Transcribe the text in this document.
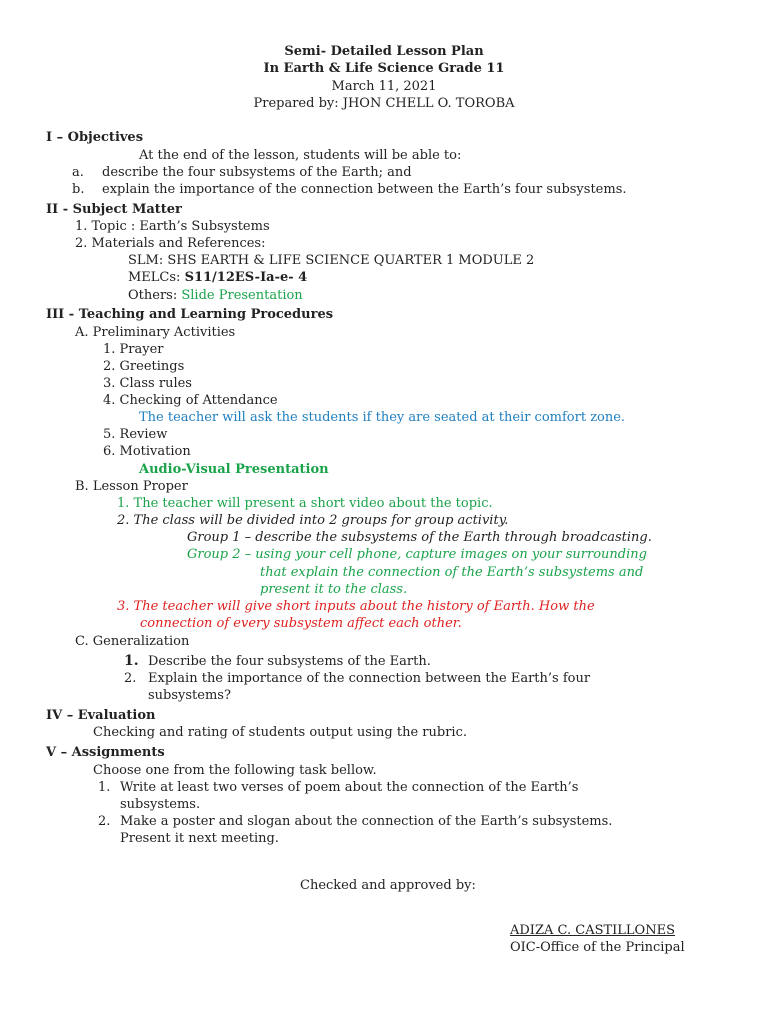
Semi- Detailed Lesson Plan
In Earth & Life Science Grade 11
March 11, 2021
Prepared by: JHON CHELL O. TOROBA
I – Objectives
At the end of the lesson, students will be able to:
a. describe the four subsystems of the Earth; and
b. explain the importance of the connection between the Earth’s four subsystems.
II - Subject Matter
1. Topic : Earth’s Subsystems
2. Materials and References:
SLM: SHS EARTH & LIFE SCIENCE QUARTER 1 MODULE 2
MELCs: S11/12ES-Ia-e- 4
Others: Slide Presentation
III - Teaching and Learning Procedures
A. Preliminary Activities
1. Prayer
2. Greetings
3. Class rules
4. Checking of Attendance
The teacher will ask the students if they are seated at their comfort zone.
5. Review
6. Motivation
Audio-Visual Presentation
B. Lesson Proper
1. The teacher will present a short video about the topic.
2. The class will be divided into 2 groups for group activity.
Group 1 – describe the subsystems of the Earth through broadcasting.
Group 2 – using your cell phone, capture images on your surrounding
that explain the connection of the Earth’s subsystems and
present it to the class.
3. The teacher will give short inputs about the history of Earth. How the
connection of every subsystem affect each other.
C. Generalization
1. Describe the four subsystems of the Earth.
2. Explain the importance of the connection between the Earth’s four
subsystems?
IV – Evaluation
Checking and rating of students output using the rubric.
V – Assignments
Choose one from the following task bellow.
1. Write at least two verses of poem about the connection of the Earth’s
subsystems.
2. Make a poster and slogan about the connection of the Earth’s subsystems.
Present it next meeting.
Checked and approved by:
ADIZA C. CASTILLONES
OIC-Office of the Principal
